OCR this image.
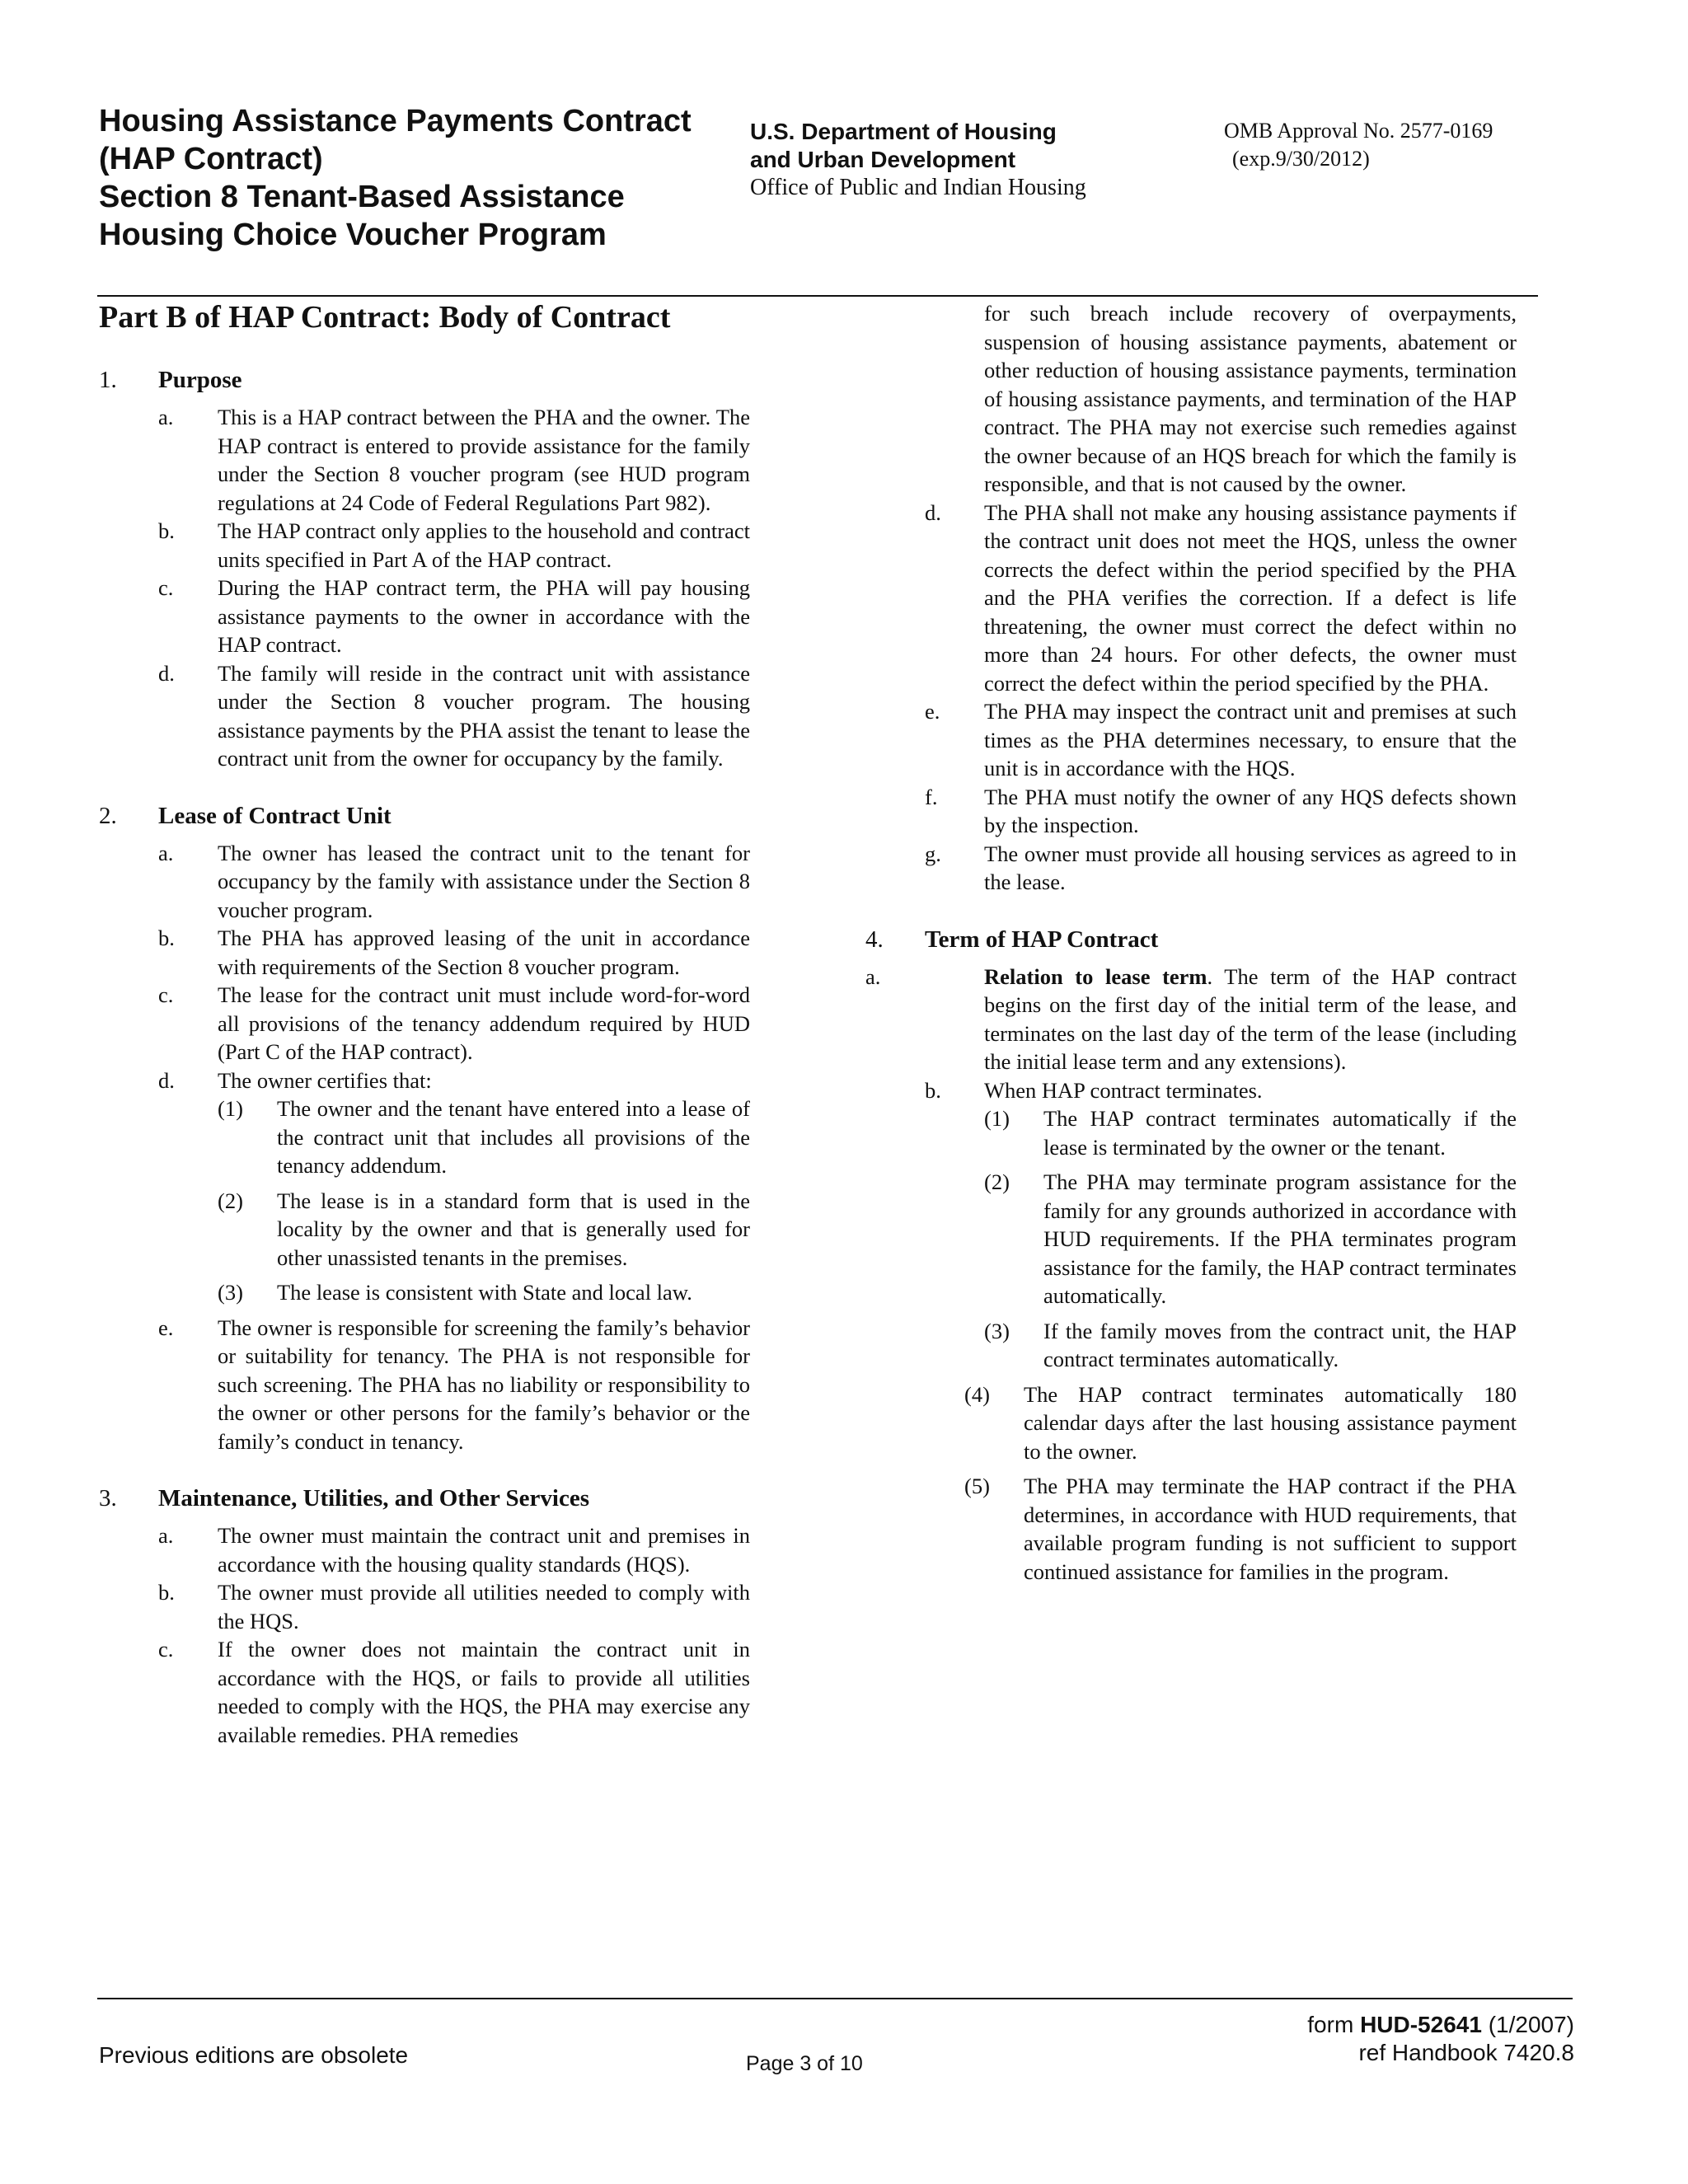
Housing Assistance Payments Contract
(HAP Contract)
Section 8 Tenant-Based Assistance
Housing Choice Voucher Program
U.S. Department of Housing
and Urban Development
Office of Public and Indian Housing
OMB Approval No. 2577-0169
(exp.9/30/2012)
Part B of HAP Contract: Body of Contract
1. Purpose
a. This is a HAP contract between the PHA and the owner. The HAP contract is entered to provide assistance for the family under the Section 8 voucher program (see HUD program regulations at 24 Code of Federal Regulations Part 982).
b. The HAP contract only applies to the household and contract units specified in Part A of the HAP contract.
c. During the HAP contract term, the PHA will pay housing assistance payments to the owner in accordance with the HAP contract.
d. The family will reside in the contract unit with assistance under the Section 8 voucher program. The housing assistance payments by the PHA assist the tenant to lease the contract unit from the owner for occupancy by the family.
2. Lease of Contract Unit
a. The owner has leased the contract unit to the tenant for occupancy by the family with assistance under the Section 8 voucher program.
b. The PHA has approved leasing of the unit in accordance with requirements of the Section 8 voucher program.
c. The lease for the contract unit must include word-for-word all provisions of the tenancy addendum required by HUD (Part C of the HAP contract).
d. The owner certifies that:
(1) The owner and the tenant have entered into a lease of the contract unit that includes all provisions of the tenancy addendum.
(2) The lease is in a standard form that is used in the locality by the owner and that is generally used for other unassisted tenants in the premises.
(3) The lease is consistent with State and local law.
e. The owner is responsible for screening the family’s behavior or suitability for tenancy. The PHA is not responsible for such screening. The PHA has no liability or responsibility to the owner or other persons for the family’s behavior or the family’s conduct in tenancy.
3. Maintenance, Utilities, and Other Services
a. The owner must maintain the contract unit and premises in accordance with the housing quality standards (HQS).
b. The owner must provide all utilities needed to comply with the HQS.
c. If the owner does not maintain the contract unit in accordance with the HQS, or fails to provide all utilities needed to comply with the HQS, the PHA may exercise any available remedies. PHA remedies
for such breach include recovery of overpayments, suspension of housing assistance payments, abatement or other reduction of housing assistance payments, termination of housing assistance payments, and termination of the HAP contract. The PHA may not exercise such remedies against the owner because of an HQS breach for which the family is responsible, and that is not caused by the owner.
d. The PHA shall not make any housing assistance payments if the contract unit does not meet the HQS, unless the owner corrects the defect within the period specified by the PHA and the PHA verifies the correction. If a defect is life threatening, the owner must correct the defect within no more than 24 hours. For other defects, the owner must correct the defect within the period specified by the PHA.
e. The PHA may inspect the contract unit and premises at such times as the PHA determines necessary, to ensure that the unit is in accordance with the HQS.
f. The PHA must notify the owner of any HQS defects shown by the inspection.
g. The owner must provide all housing services as agreed to in the lease.
4. Term of HAP Contract
a.	Relation to lease term. The term of the HAP contract begins on the first day of the initial term of the lease, and terminates on the last day of the term of the lease (including the initial lease term and any extensions).
b. When HAP contract terminates.
(1) The HAP contract terminates automatically if the lease is terminated by the owner or the tenant.
(2) The PHA may terminate program assistance for the family for any grounds authorized in accordance with HUD requirements. If the PHA terminates program assistance for the family, the HAP contract terminates automatically.
(3) If the family moves from the contract unit, the HAP contract terminates automatically.
(4) The HAP contract terminates automatically 180 calendar days after the last housing assistance payment to the owner.
(5) The PHA may terminate the HAP contract if the PHA determines, in accordance with HUD requirements, that available program funding is not sufficient to support continued assistance for families in the program.
Previous editions are obsolete	Page 3 of 10
form HUD-52641 (1/2007)
ref Handbook 7420.8
